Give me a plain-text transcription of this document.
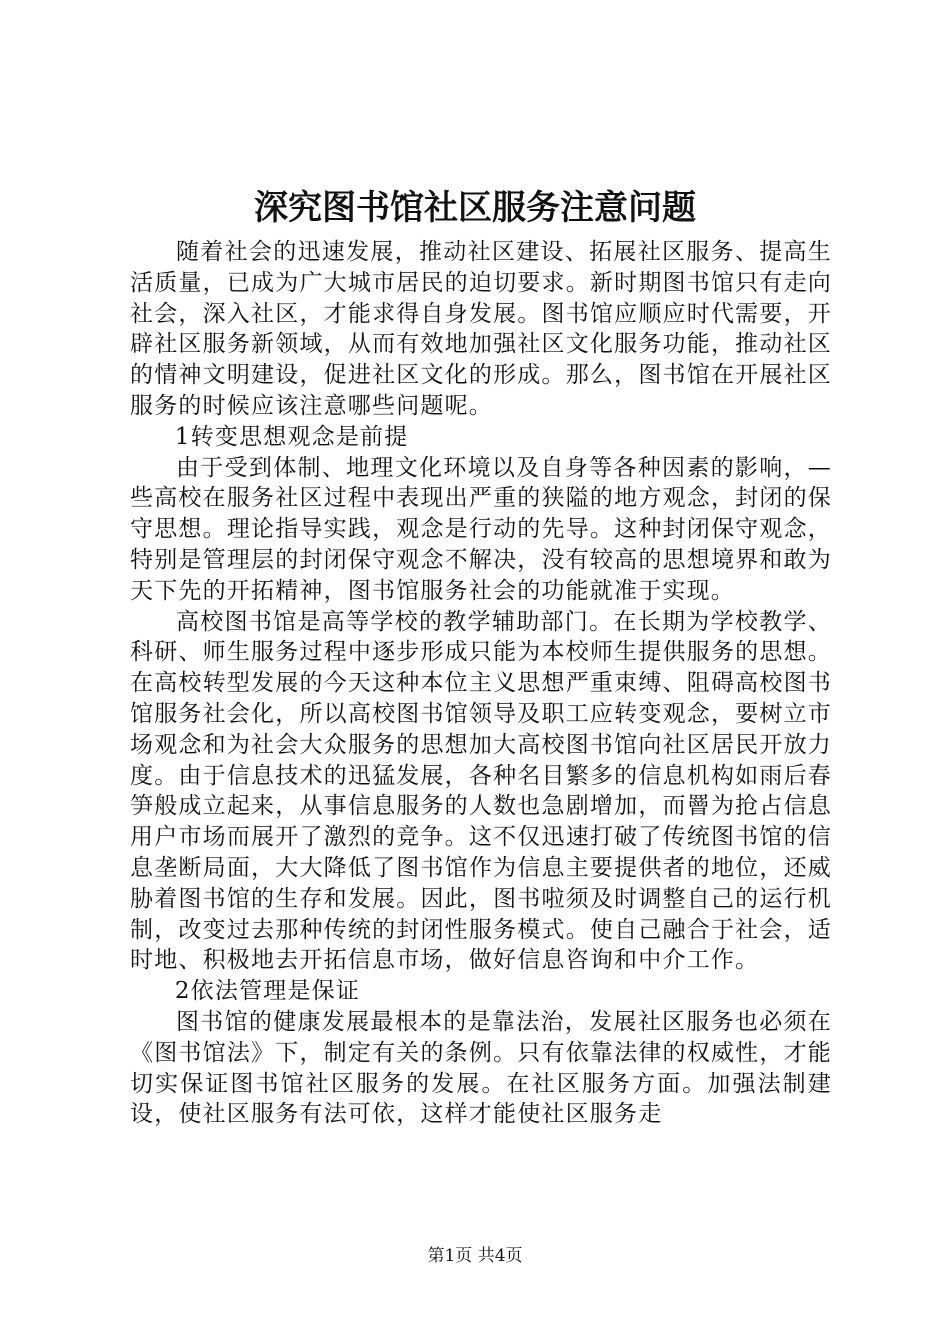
深究图书馆社区服务注意问题

随着社会的迅速发展，推动社区建设、拓展社区服务、提高生活质量，已成为广大城市居民的迫切要求。新时期图书馆只有走向社会，深入社区，才能求得自身发展。图书馆应顺应时代需要，开辟社区服务新领域，从而有效地加强社区文化服务功能，推动社区的情神文明建设，促进社区文化的形成。那么，图书馆在开展社区服务的时候应该注意哪些问题呢。

1转变思想观念是前提

由于受到体制、地理文化环境以及自身等各种因素的影响，—些高校在服务社区过程中表现出严重的狭隘的地方观念，封闭的保守思想。理论指导实践，观念是行动的先导。这种封闭保守观念，特别是管理层的封闭保守观念不解决，没有较高的思想境界和敢为天下先的开拓精神，图书馆服务社会的功能就准于实现。

高校图书馆是高等学校的教学辅助部门。在长期为学校教学、科研、师生服务过程中逐步形成只能为本校师生提供服务的思想。在高校转型发展的今天这种本位主义思想严重束缚、阻碍高校图书馆服务社会化，所以高校图书馆领导及职工应转变观念，要树立市场观念和为社会大众服务的思想加大高校图书馆向社区居民开放力度。由于信息技术的迅猛发展，各种名目繁多的信息机构如雨后春笋般成立起来，从事信息服务的人数也急剧增加，而罾为抢占信息用户市场而展开了激烈的竞争。这不仅迅速打破了传统图书馆的信息垄断局面，大大降低了图书馆作为信息主要提供者的地位，还威胁着图书馆的生存和发展。因此，图书啦须及时调整自己的运行机制，改变过去那种传统的封闭性服务模式。使自己融合于社会，适时地、积极地去开拓信息市场，做好信息咨询和中介工作。

2依法管理是保证

图书馆的健康发展最根本的是靠法治，发展社区服务也必须在《图书馆法》下，制定有关的条例。只有依靠法律的权威性，才能切实保证图书馆社区服务的发展。在社区服务方面。加强法制建设，使社区服务有法可依，这样才能使社区服务走

第1页 共4页
